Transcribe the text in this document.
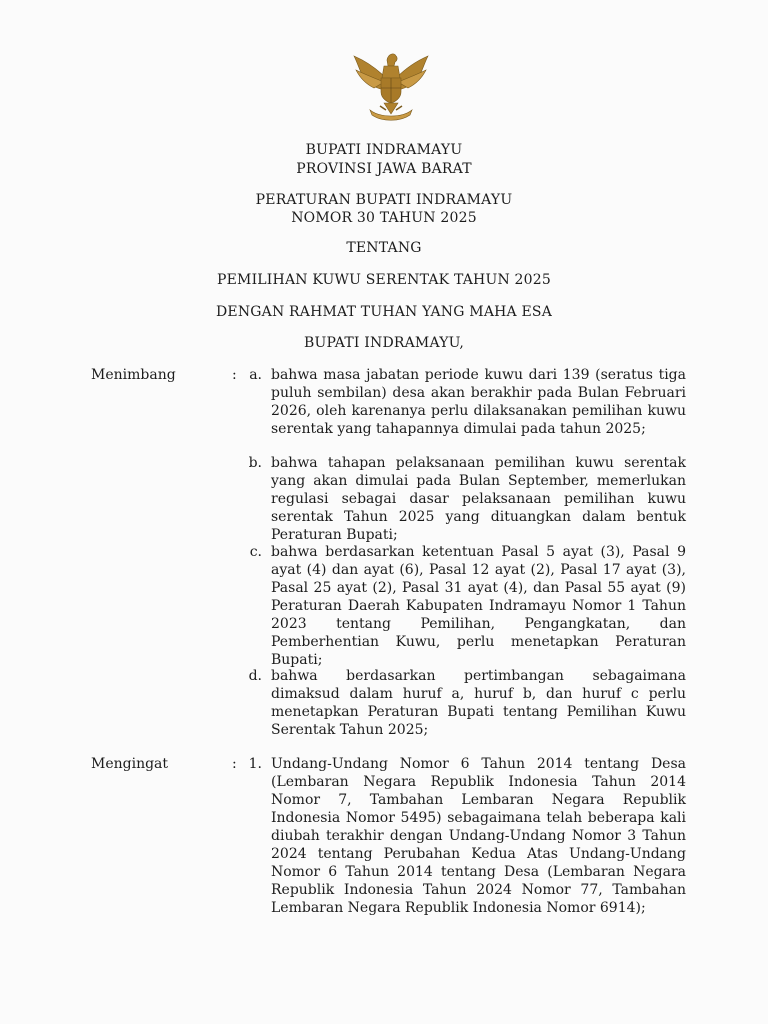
BUPATI INDRAMAYU
PROVINSI JAWA BARAT
PERATURAN BUPATI INDRAMAYU
NOMOR 30 TAHUN 2025
TENTANG
PEMILIHAN KUWU SERENTAK TAHUN 2025
DENGAN RAHMAT TUHAN YANG MAHA ESA
BUPATI INDRAMAYU,
Menimbang	: a. bahwa masa jabatan periode kuwu dari 139 (seratus tiga puluh sembilan) desa akan berakhir pada Bulan Februari 2026, oleh karenanya perlu dilaksanakan pemilihan kuwu serentak yang tahapannya dimulai pada tahun 2025;
b. bahwa tahapan pelaksanaan pemilihan kuwu serentak yang akan dimulai pada Bulan September, memerlukan regulasi sebagai dasar pelaksanaan pemilihan kuwu serentak Tahun 2025 yang dituangkan dalam bentuk Peraturan Bupati;
c. bahwa berdasarkan ketentuan Pasal 5 ayat (3), Pasal 9 ayat (4) dan ayat (6), Pasal 12 ayat (2), Pasal 17 ayat (3), Pasal 25 ayat (2), Pasal 31 ayat (4), dan Pasal 55 ayat (9) Peraturan Daerah Kabupaten Indramayu Nomor 1 Tahun 2023 tentang Pemilihan, Pengangkatan, dan Pemberhentian Kuwu, perlu menetapkan Peraturan Bupati;
d. bahwa berdasarkan pertimbangan sebagaimana dimaksud dalam huruf a, huruf b, dan huruf c perlu menetapkan Peraturan Bupati tentang Pemilihan Kuwu Serentak Tahun 2025;
Mengingat	: 1. Undang-Undang Nomor 6 Tahun 2014 tentang Desa (Lembaran Negara Republik Indonesia Tahun 2014 Nomor 7, Tambahan Lembaran Negara Republik Indonesia Nomor 5495) sebagaimana telah beberapa kali diubah terakhir dengan Undang-Undang Nomor 3 Tahun 2024 tentang Perubahan Kedua Atas Undang-Undang Nomor 6 Tahun 2014 tentang Desa (Lembaran Negara Republik Indonesia Tahun 2024 Nomor 77, Tambahan Lembaran Negara Republik Indonesia Nomor 6914);
